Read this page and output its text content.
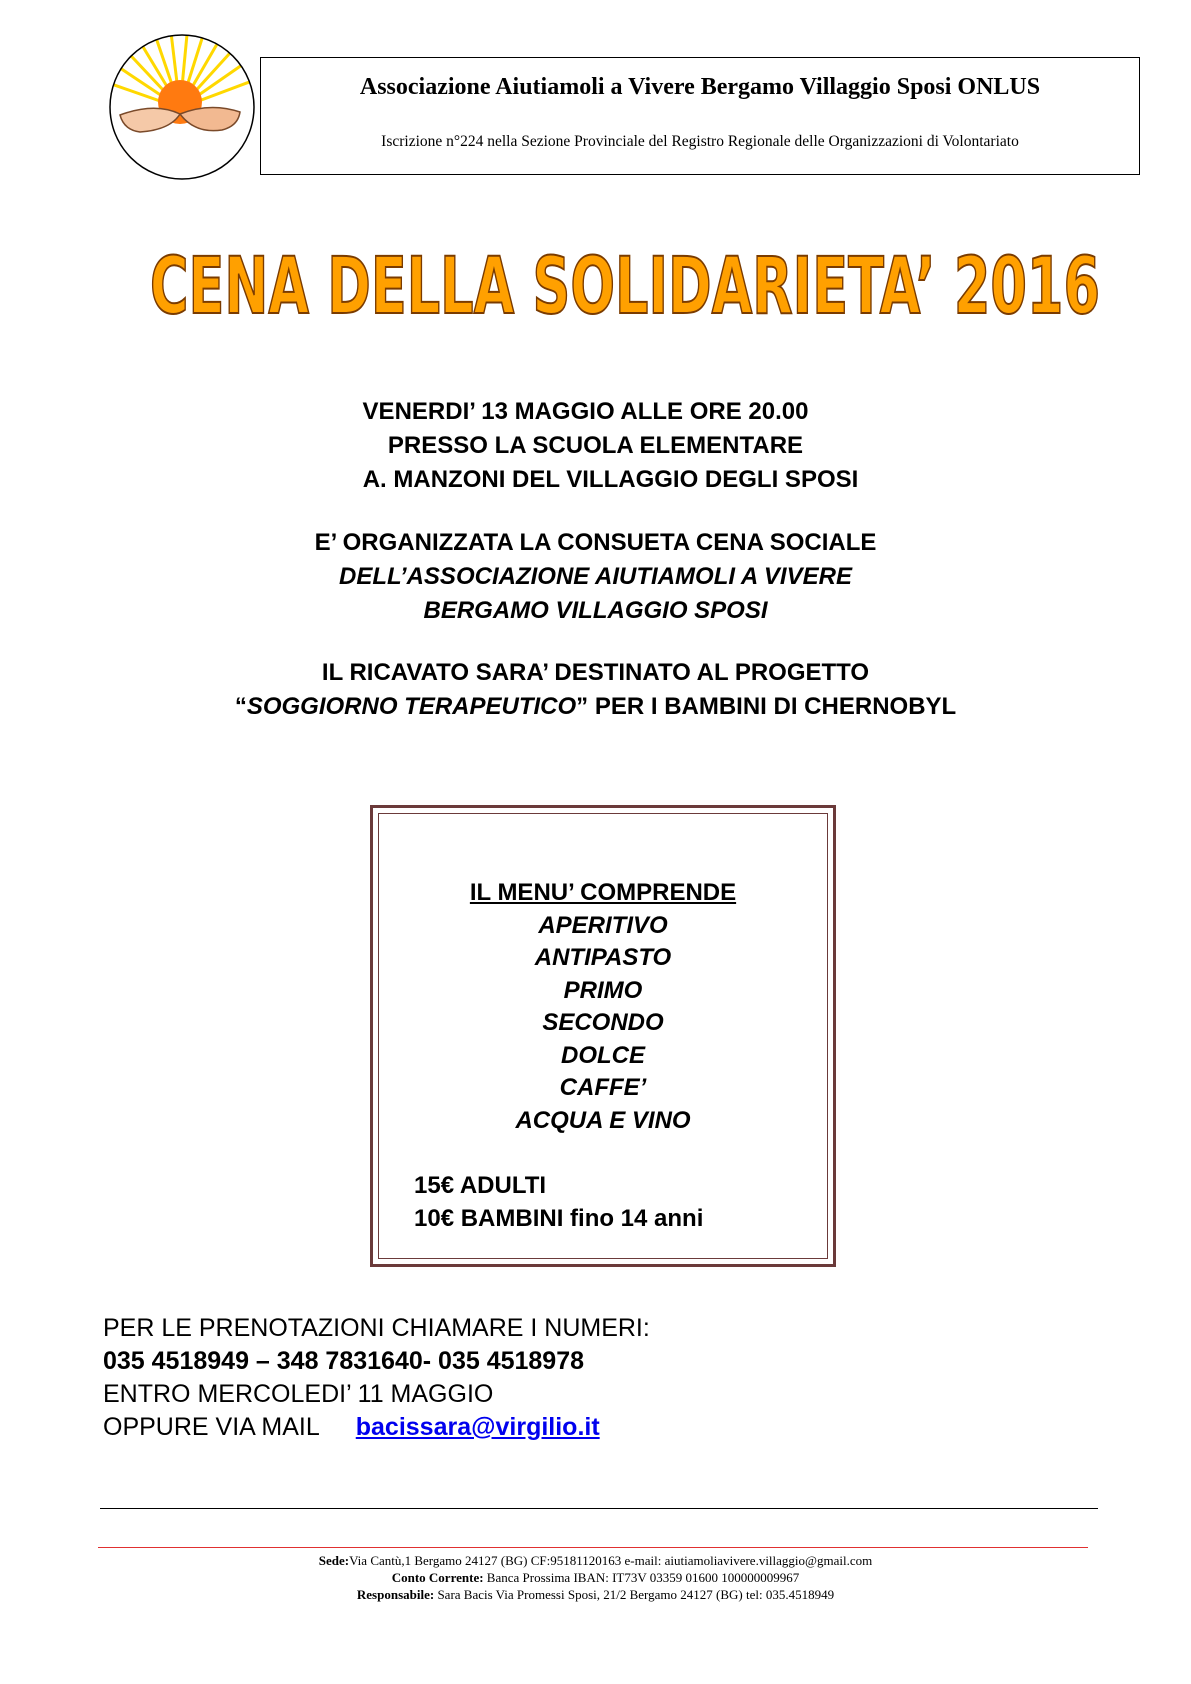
Associazione Aiutiamoli a Vivere Bergamo Villaggio Sposi ONLUS
Iscrizione n°224 nella Sezione Provinciale del Registro Regionale delle Organizzazioni di Volontariato
CENA DELLA SOLIDARIETA’ 2016
VENERDI’ 13 MAGGIO ALLE ORE 20.00
PRESSO LA SCUOLA ELEMENTARE
A. MANZONI DEL VILLAGGIO DEGLI SPOSI
E’ ORGANIZZATA LA CONSUETA CENA SOCIALE
DELL’ASSOCIAZIONE AIUTIAMOLI A VIVERE
BERGAMO VILLAGGIO SPOSI
IL RICAVATO SARA’ DESTINATO AL PROGETTO
“SOGGIORNO TERAPEUTICO” PER I BAMBINI DI CHERNOBYL
IL MENU’ COMPRENDE
APERITIVO
ANTIPASTO
PRIMO
SECONDO
DOLCE
CAFFE’
ACQUA E VINO
15€ ADULTI
10€ BAMBINI fino 14 anni
PER LE PRENOTAZIONI CHIAMARE I NUMERI:
035 4518949 – 348 7831640- 035 4518978
ENTRO MERCOLEDI’ 11 MAGGIO
OPPURE VIA MAIL bacissara@virgilio.it
Sede:Via Cantù,1 Bergamo 24127 (BG) CF:95181120163 e-mail: aiutiamoliavivere.villaggio@gmail.com
Conto Corrente: Banca Prossima IBAN: IT73V 03359 01600 100000009967
Responsabile: Sara Bacis Via Promessi Sposi, 21/2 Bergamo 24127 (BG) tel: 035.4518949
